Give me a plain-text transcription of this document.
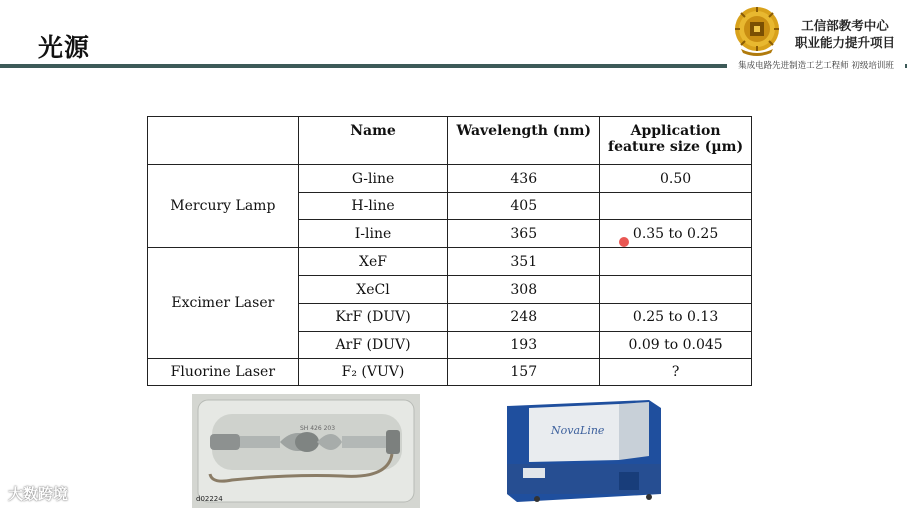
光源
工信部教考中心
职业能力提升项目
集成电路先进制造工艺工程师 初级培训班
	Name	Wavelength (nm)	Application feature size (µm)
Mercury Lamp	G-line	436	0.50
	H-line	405	
	I-line	365	0.35 to 0.25
Excimer Laser	XeF	351	
	XeCl	308	
	KrF (DUV)	248	0.25 to 0.13
	ArF (DUV)	193	0.09 to 0.045
Fluorine Laser	F₂ (VUV)	157	?
SH 426 203
d02224
NovaLine
大数跨境
